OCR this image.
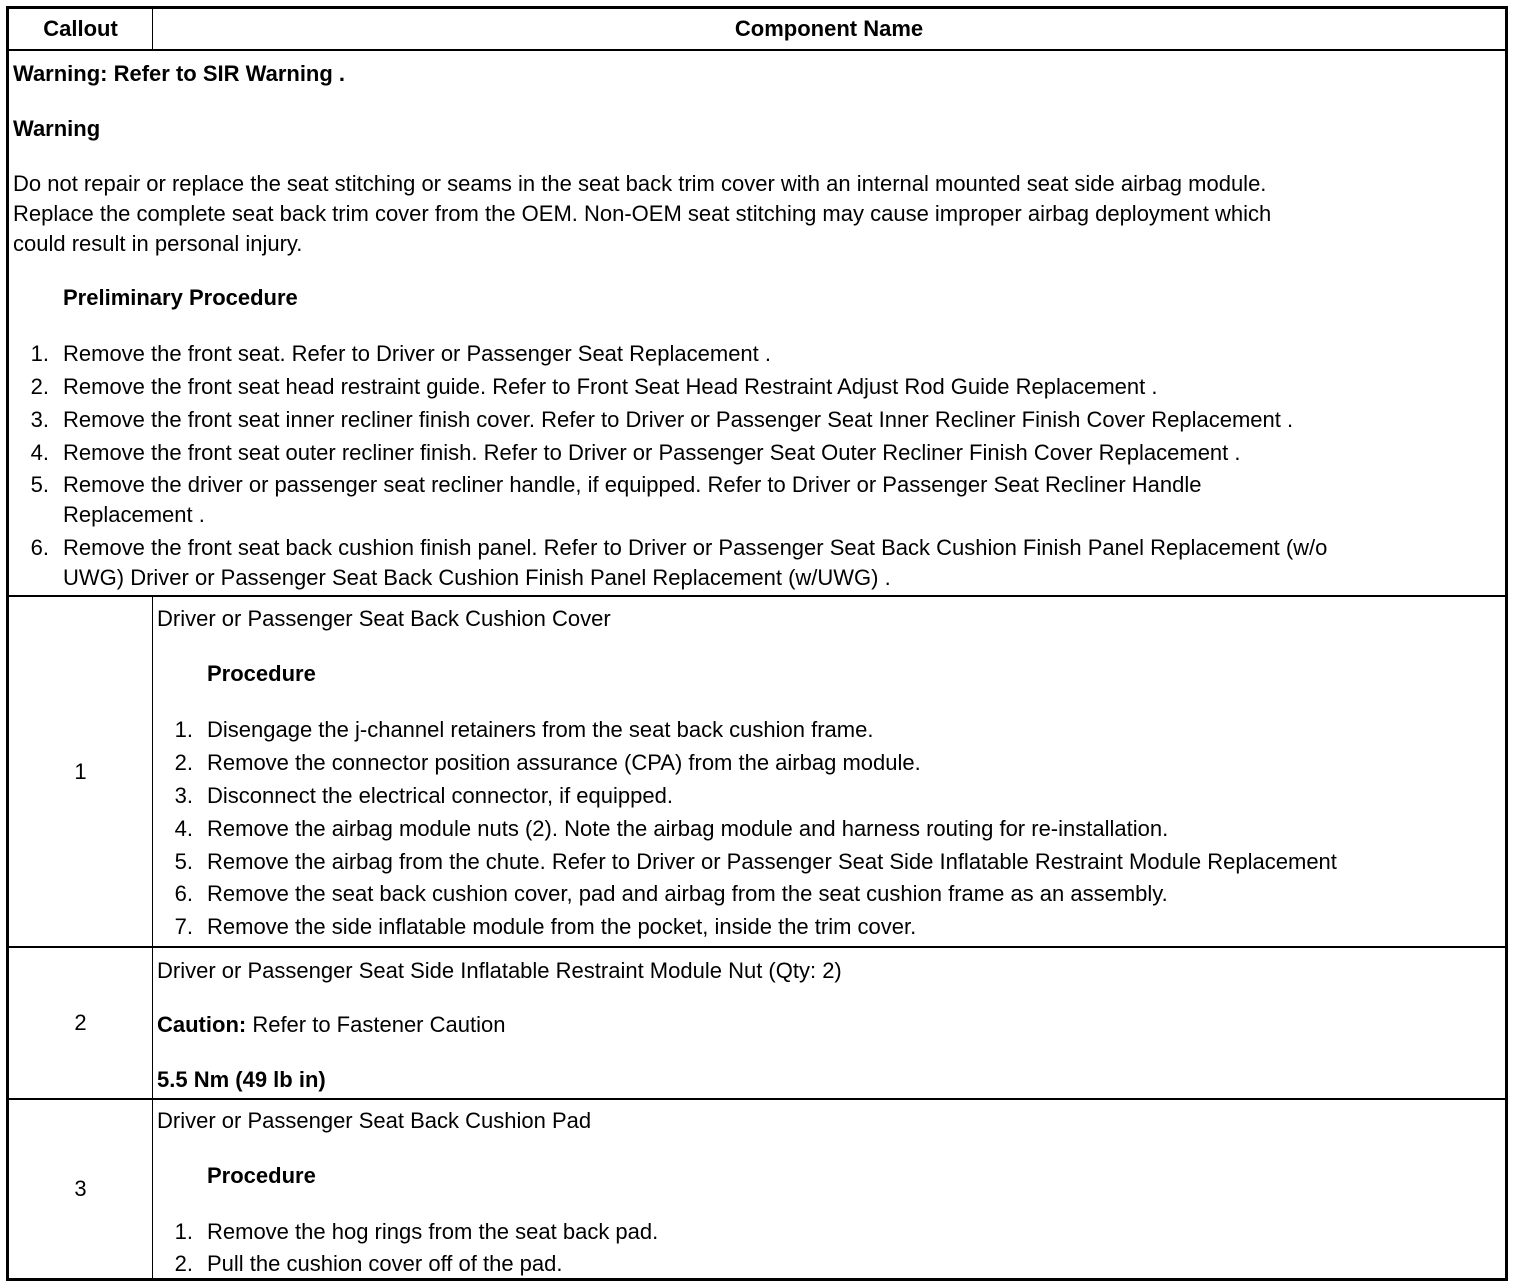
Callout	Component Name
Warning: Refer to SIR Warning .
Warning
Do not repair or replace the seat stitching or seams in the seat back trim cover with an internal mounted seat side airbag module.
Replace the complete seat back trim cover from the OEM. Non-OEM seat stitching may cause improper airbag deployment which
could result in personal injury.
Preliminary Procedure
1. Remove the front seat. Refer to Driver or Passenger Seat Replacement .
2. Remove the front seat head restraint guide. Refer to Front Seat Head Restraint Adjust Rod Guide Replacement .
3. Remove the front seat inner recliner finish cover. Refer to Driver or Passenger Seat Inner Recliner Finish Cover Replacement .
4. Remove the front seat outer recliner finish. Refer to Driver or Passenger Seat Outer Recliner Finish Cover Replacement .
5. Remove the driver or passenger seat recliner handle, if equipped. Refer to Driver or Passenger Seat Recliner Handle
Replacement .
6. Remove the front seat back cushion finish panel. Refer to Driver or Passenger Seat Back Cushion Finish Panel Replacement (w/o
UWG) Driver or Passenger Seat Back Cushion Finish Panel Replacement (w/UWG) .
1
Driver or Passenger Seat Back Cushion Cover
Procedure
1. Disengage the j-channel retainers from the seat back cushion frame.
2. Remove the connector position assurance (CPA) from the airbag module.
3. Disconnect the electrical connector, if equipped.
4. Remove the airbag module nuts (2). Note the airbag module and harness routing for re-installation.
5. Remove the airbag from the chute. Refer to Driver or Passenger Seat Side Inflatable Restraint Module Replacement
6. Remove the seat back cushion cover, pad and airbag from the seat cushion frame as an assembly.
7. Remove the side inflatable module from the pocket, inside the trim cover.
2
Driver or Passenger Seat Side Inflatable Restraint Module Nut (Qty: 2)
Caution: Refer to Fastener Caution
5.5 Nm (49 lb in)
3
Driver or Passenger Seat Back Cushion Pad
Procedure
1. Remove the hog rings from the seat back pad.
2. Pull the cushion cover off of the pad.
